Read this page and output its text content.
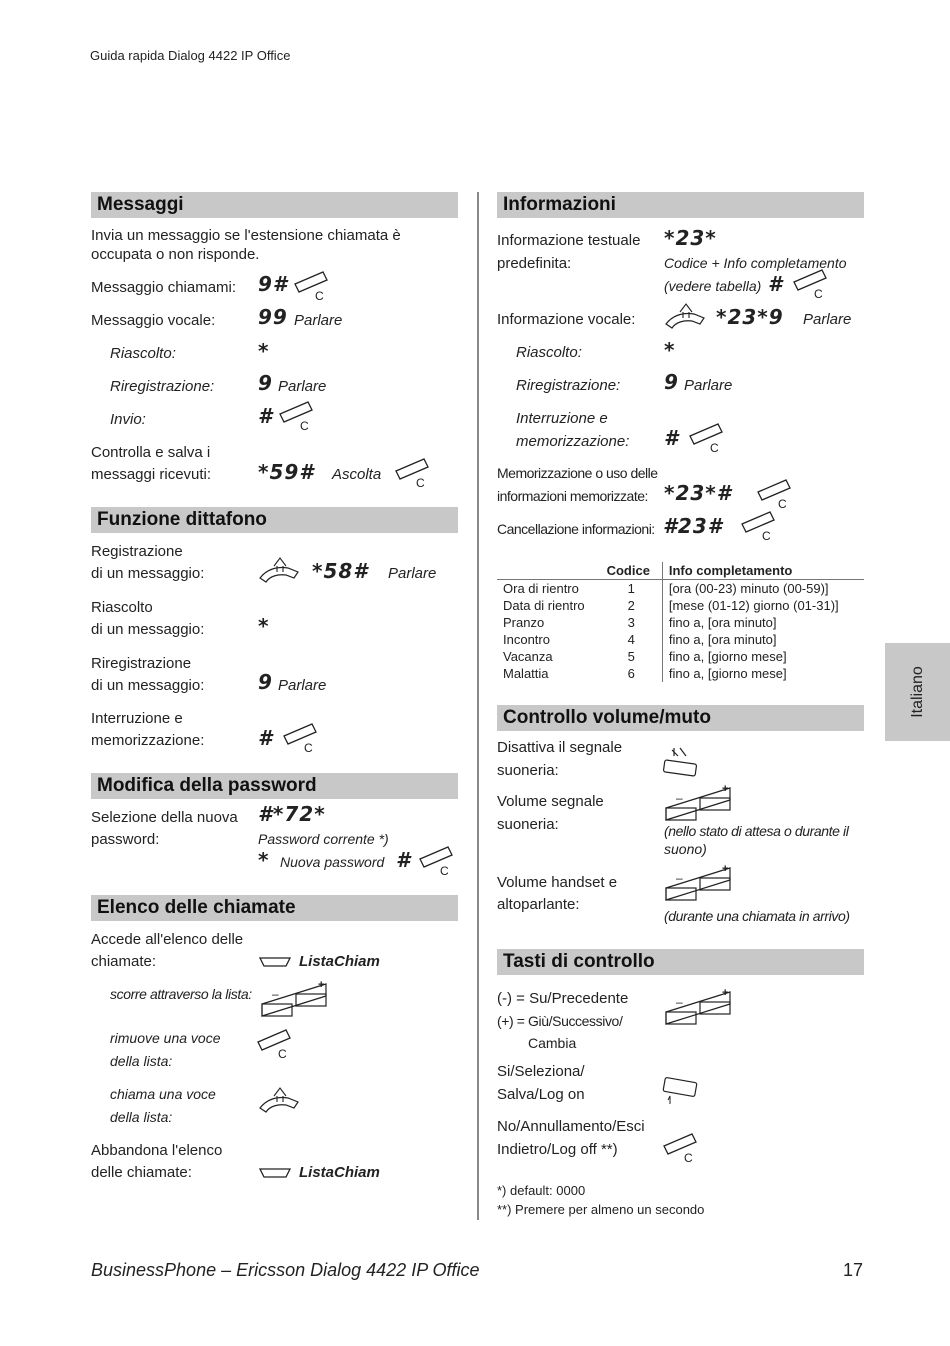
C
–
+
Guida rapida Dialog 4422 IP Office
Messaggi
Invia un messaggio se l'estensione chiamata è
occupata o non risponde.
Messaggio chiamami: 9#
Messaggio vocale: 99 Parlare
Riascolto:	*
Riregistrazione: 9 Parlare
Invio:	#
Controlla e salva i
messaggi ricevuti: *59# Ascolta
Funzione dittafono
Registrazione
di un messaggio:	*58# Parlare
Riascolto
di un messaggio:	*
Riregistrazione
di un messaggio:	9 Parlare
Interruzione e
memorizzazione:	#
Modifica della password
Selezione della nuova
password:
#*72*
Password corrente *)
* Nuova password #
Elenco delle chiamate
Accede all'elenco delle
chiamate:	ListaChiam
scorre attraverso la lista:
rimuove una voce
della lista:
chiama una voce
della lista:
Abbandona l'elenco
delle chiamate:	ListaChiam
Informazioni
Informazione testuale
predefinita:
*23*
Codice + Info completamento
(vedere tabella) #
Informazione vocale:	*23*9 Parlare
Riascolto:	*
Riregistrazione: 9 Parlare
Interruzione e
memorizzazione: #
Memorizzazione o uso delle
informazioni memorizzate: *23*#
Cancellazione informazioni: #23#
	Codice	Info completamento
Ora di rientro	1	[ora (00-23) minuto (00-59)]
Data di rientro	2	[mese (01-12) giorno (01-31)]
Pranzo	3	fino a, [ora minuto]
Incontro	4	fino a, [ora minuto]
Vacanza	5	fino a, [giorno mese]
Malattia	6	fino a, [giorno mese]
Controllo volume/muto
Disattiva il segnale
suoneria:
Volume segnale
suoneria:	(nello stato di attesa o durante il
suono)
Volume handset e
altoparlante:
(durante una chiamata in arrivo)
Tasti di controllo
(-) = Su/Precedente
(+) = Giù/Successivo/
Cambia
Si/Seleziona/
Salva/Log on
No/Annullamento/Esci
Indietro/Log off **)
*) default: 0000
**) Premere per almeno un secondo
Italiano
BusinessPhone – Ericsson Dialog 4422 IP Office	17
